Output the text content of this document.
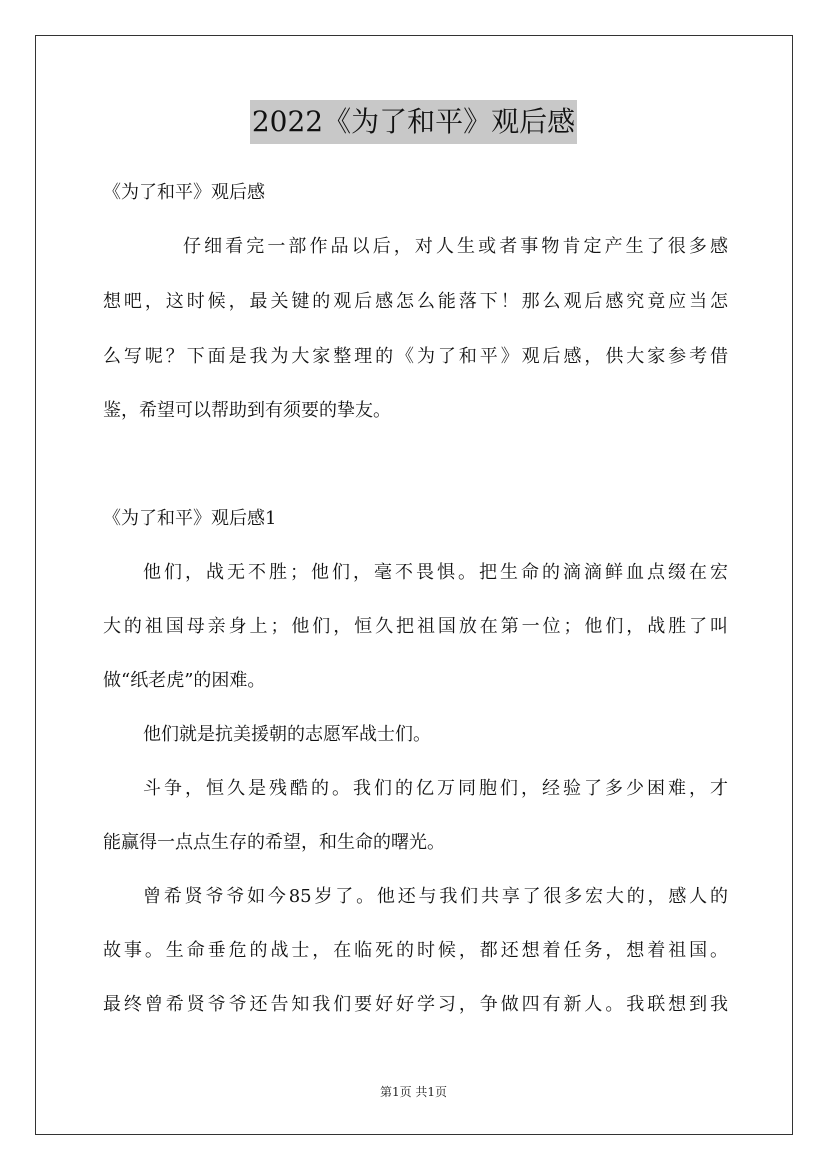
2022《为了和平》观后感
《为了和平》观后感
仔细看完一部作品以后，对人生或者事物肯定产生了很多感
想吧，这时候，最关键的观后感怎么能落下！那么观后感究竟应当怎
么写呢？下面是我为大家整理的《为了和平》观后感，供大家参考借
鉴，希望可以帮助到有须要的挚友。
《为了和平》观后感1
他们，战无不胜；他们，毫不畏惧。把生命的滴滴鲜血点缀在宏
大的祖国母亲身上；他们，恒久把祖国放在第一位；他们，战胜了叫
做“纸老虎”的困难。
他们就是抗美援朝的志愿军战士们。
斗争，恒久是残酷的。我们的亿万同胞们，经验了多少困难，才
能赢得一点点生存的希望，和生命的曙光。
曾希贤爷爷如今85岁了。他还与我们共享了很多宏大的，感人的
故事。生命垂危的战士，在临死的时候，都还想着任务，想着祖国。
最终曾希贤爷爷还告知我们要好好学习，争做四有新人。我联想到我
第1页 共1页
